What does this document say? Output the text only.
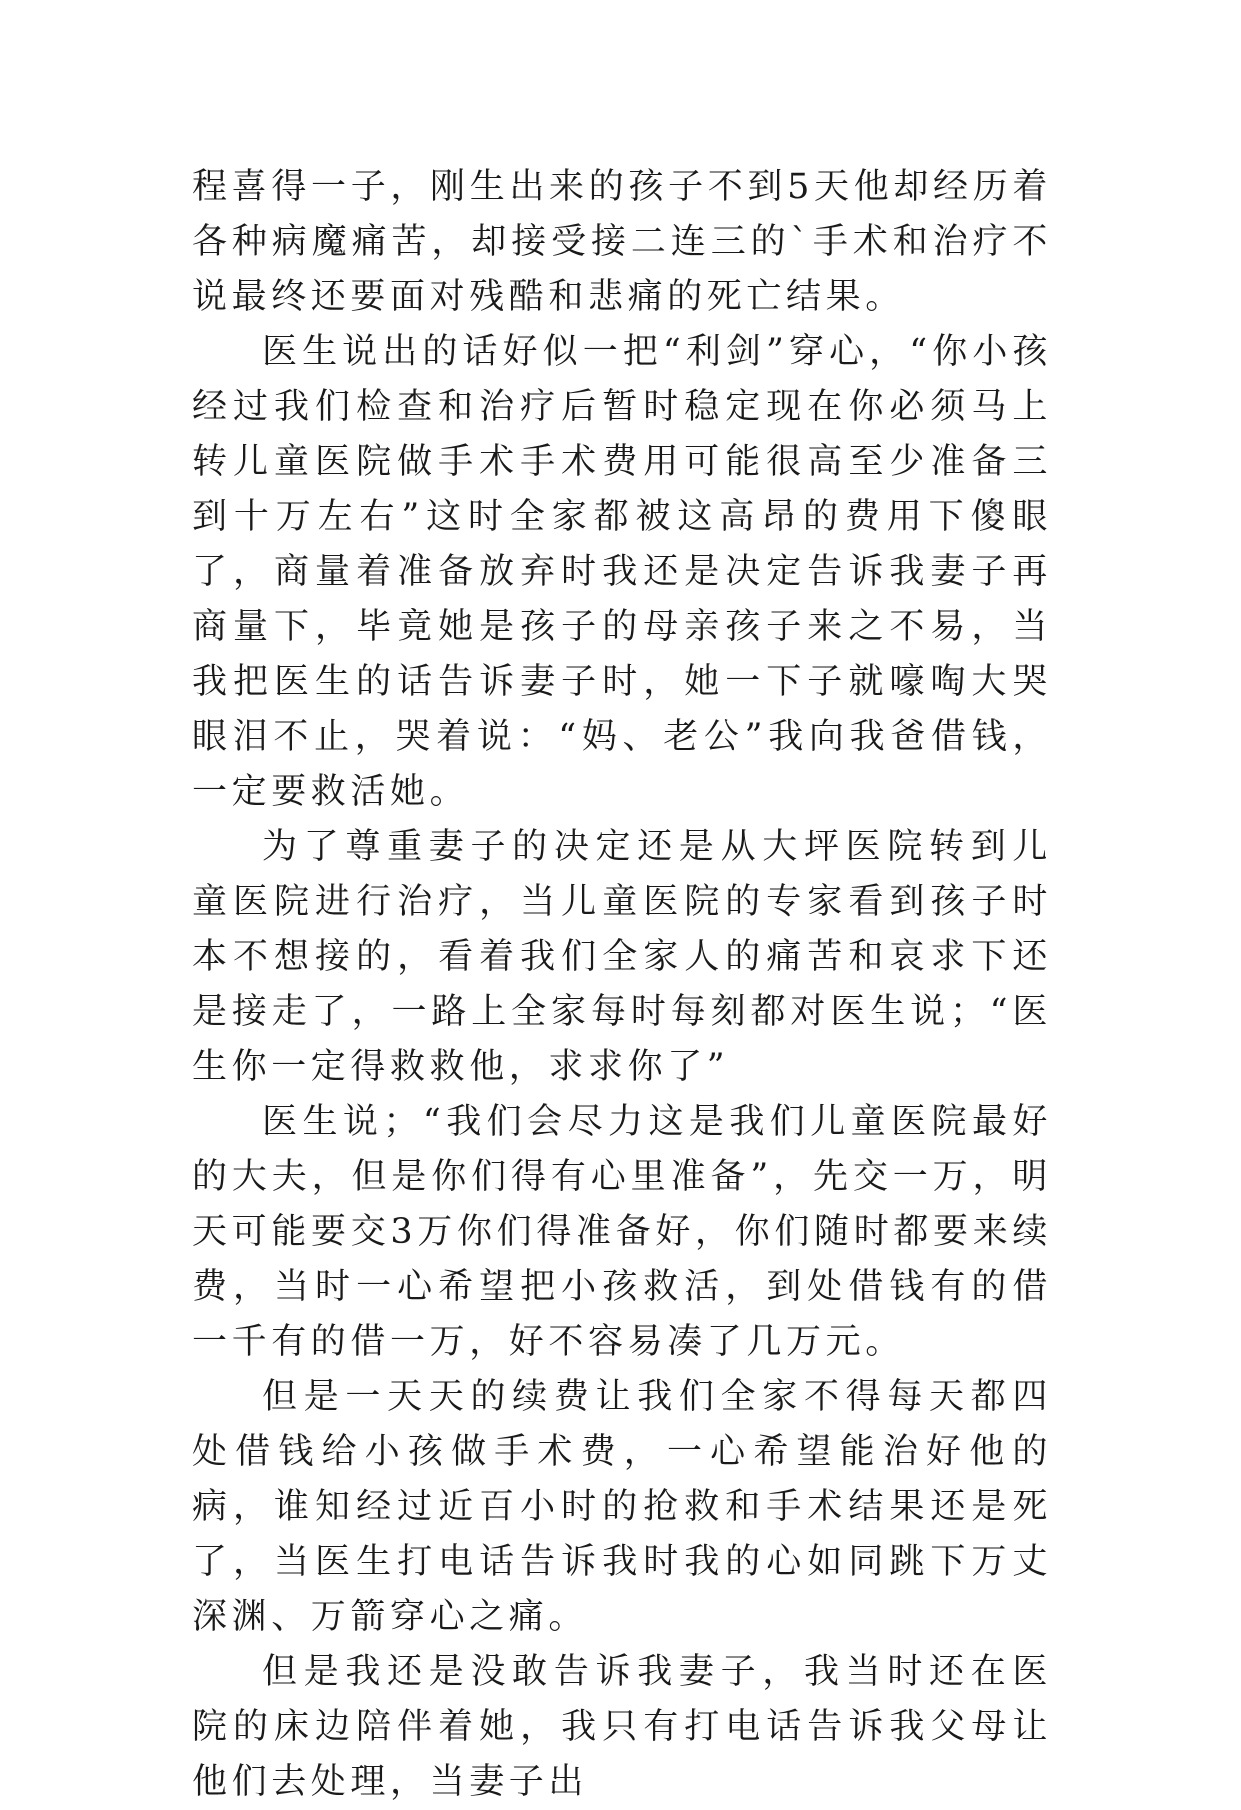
程喜得一子，刚生出来的孩子不到5天他却经历着各种病魔痛苦，却接受接二连三的`手术和治疗不说最终还要面对残酷和悲痛的死亡结果。

医生说出的话好似一把“利剑”穿心，“你小孩经过我们检查和治疗后暂时稳定现在你必须马上转儿童医院做手术手术费用可能很高至少准备三到十万左右”这时全家都被这高昂的费用下傻眼了，商量着准备放弃时我还是决定告诉我妻子再商量下，毕竟她是孩子的母亲孩子来之不易，当我把医生的话告诉妻子时，她一下子就嚎啕大哭眼泪不止，哭着说：“妈、老公”我向我爸借钱，一定要救活她。

为了尊重妻子的决定还是从大坪医院转到儿童医院进行治疗，当儿童医院的专家看到孩子时本不想接的，看着我们全家人的痛苦和哀求下还是接走了，一路上全家每时每刻都对医生说；“医生你一定得救救他，求求你了”

医生说；“我们会尽力这是我们儿童医院最好的大夫，但是你们得有心里准备”，先交一万，明天可能要交3万你们得准备好，你们随时都要来续费，当时一心希望把小孩救活，到处借钱有的借一千有的借一万，好不容易凑了几万元。

但是一天天的续费让我们全家不得每天都四处借钱给小孩做手术费，一心希望能治好他的病，谁知经过近百小时的抢救和手术结果还是死了，当医生打电话告诉我时我的心如同跳下万丈深渊、万箭穿心之痛。

但是我还是没敢告诉我妻子，我当时还在医院的床边陪伴着她，我只有打电话告诉我父母让他们去处理，当妻子出
